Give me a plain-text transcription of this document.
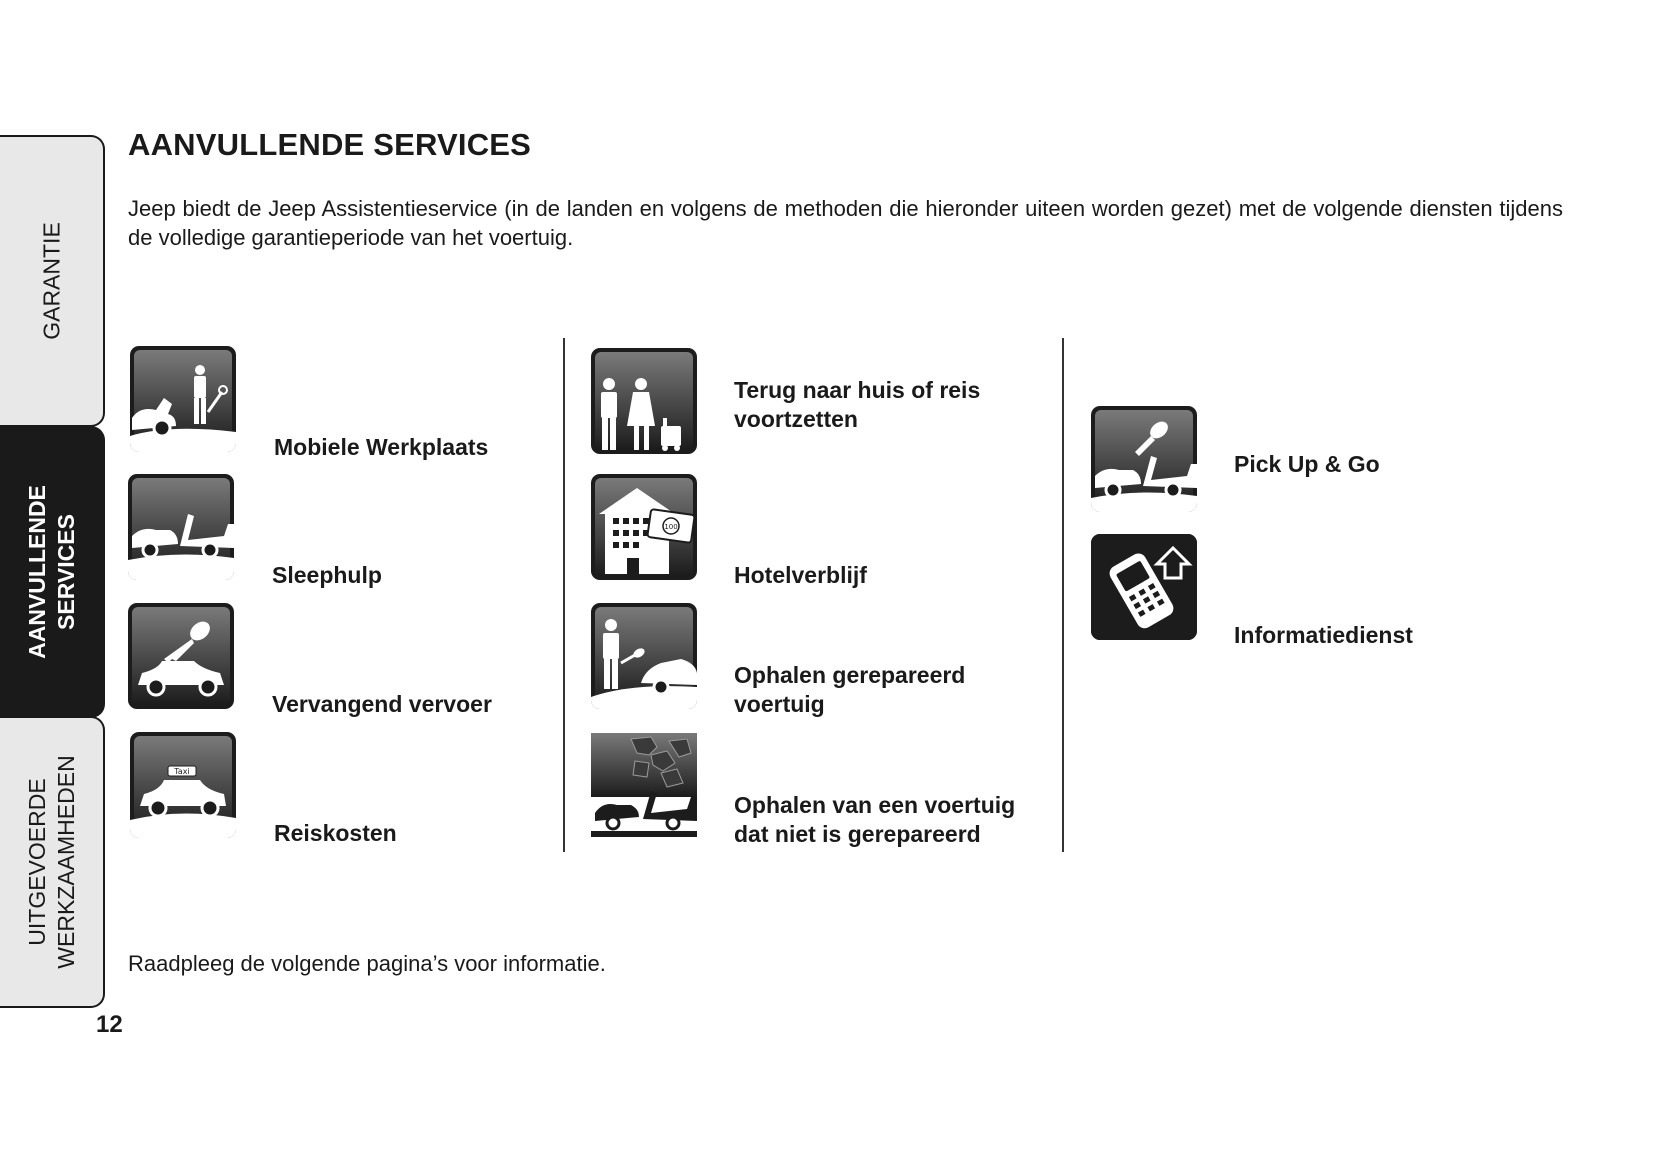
GARANTIE
AANVULLENDE SERVICES
UITGEVOERDE WERKZAAMHEDEN
AANVULLENDE SERVICES

Jeep biedt de Jeep Assistentieservice (in de landen en volgens de methoden die hieronder uiteen worden gezet) met de volgende diensten tijdens de volledige garantieperiode van het voertuig.

Mobiele Werkplaats
Sleephulp
Vervangend vervoer
Taxi
Reiskosten
Terug naar huis of reis voortzetten
100
Hotelverblijf
Ophalen gerepareerd voertuig
Ophalen van een voertuig dat niet is gerepareerd
Pick Up & Go
Informatiedienst

Raadpleeg de volgende pagina’s voor informatie.

12
